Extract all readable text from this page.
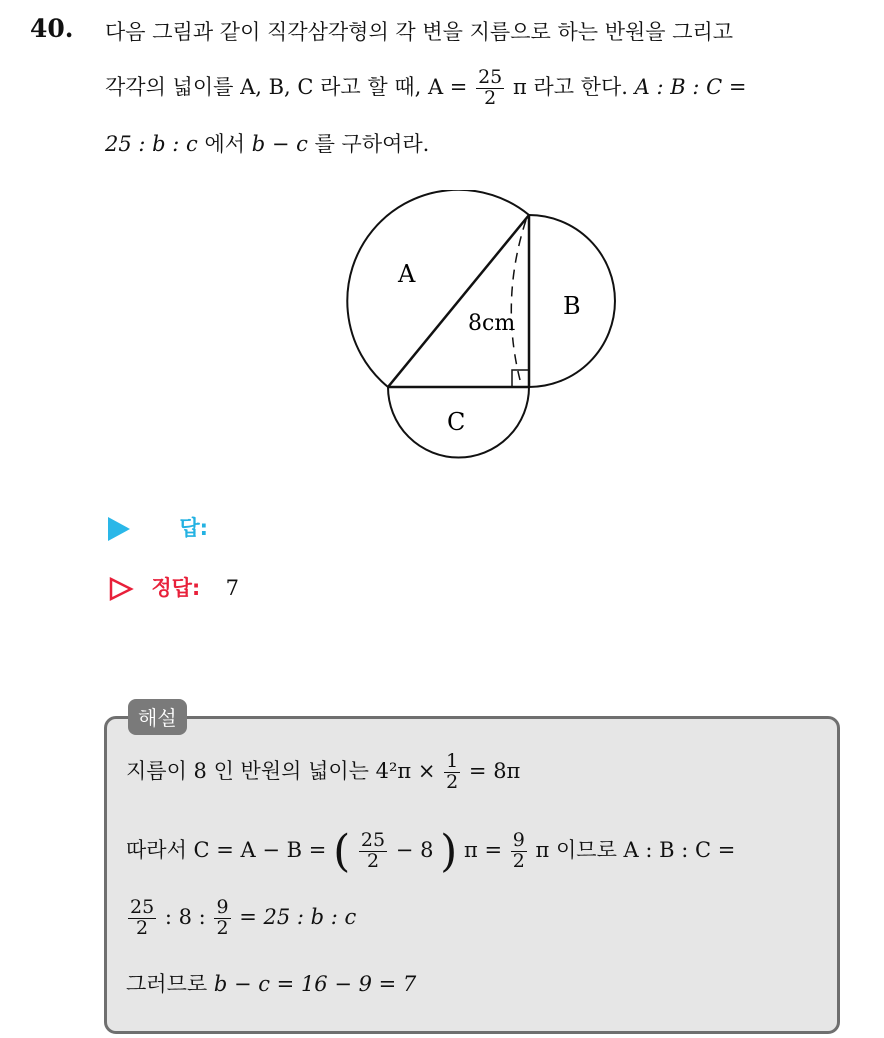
40. 다음 그림과 같이 직각삼각형의 각 변을 지름으로 하는 반원을 그리고
각각의 넓이를 A, B, C 라고 할 때, $A = \frac{25}{2}$ π 라고 한다. A : B : C =
25 : b : c 에서 b − c 를 구하여라.
A
B
C
8cm
답:
정답: 7
해설
지름이 8 인 반원의 넓이는 $4^2\pi \times \frac{1}{2} = 8\pi$
따라서 C = A − B = ( $\frac{25}{2} - 8$ ) $\pi = \frac{9}{2}$ π 이므로 A : B : C =
$\frac{25}{2}$ : 8 : $\frac{9}{2} = 25$ : b : c
그러므로 b − c = 16 − 9 = 7
